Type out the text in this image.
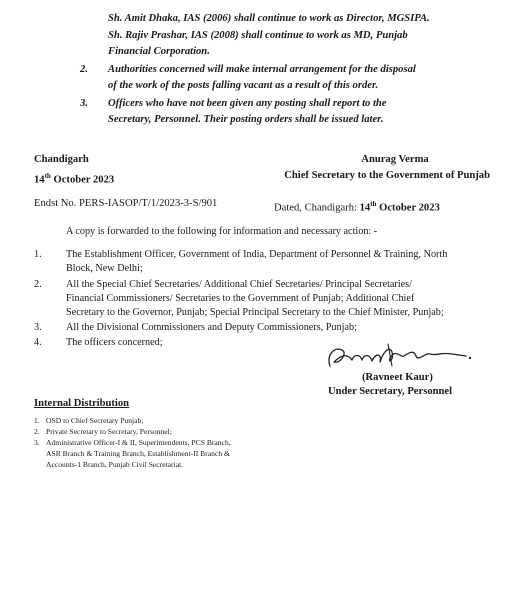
Sh. Amit Dhaka, IAS (2006) shall continue to work as Director, MGSIPA.
Sh. Rajiv Prashar, IAS (2008) shall continue to work as MD, Punjab
Financial Corporation.
2. Authorities concerned will make internal arrangement for the disposal
of the work of the posts falling vacant as a result of this order.
3. Officers who have not been given any posting shall report to the
Secretary, Personnel. Their posting orders shall be issued later.
Chandigarh
14th October 2023
Anurag Verma
Chief Secretary to the Government of Punjab
Endst No. PERS-IASOP/T/1/2023-3-S/901	Dated, Chandigarh: 14th October 2023
A copy is forwarded to the following for information and necessary action: -
1. The Establishment Officer, Government of India, Department of Personnel & Training, North
Block, New Delhi;
2. All the Special Chief Secretaries/ Additional Chief Secretaries/ Principal Secretaries/
Financial Commissioners/ Secretaries to the Government of Punjab; Additional Chief
Secretary to the Governor, Punjab; Special Principal Secretary to the Chief Minister, Punjab;
3. All the Divisional Commissioners and Deputy Commissioners, Punjab;
4. The officers concerned;
(Ravneet Kaur)
Under Secretary, Personnel
Internal Distribution
1. OSD to Chief Secretary Punjab;
2. Private Secretary to Secretary, Personnel;
3. Administrative Officer-I & II, Superintendents, PCS Branch,
ASR Branch & Training Branch, Establishment-II Branch &
Accounts-1 Branch, Punjab Civil Secretariat.
